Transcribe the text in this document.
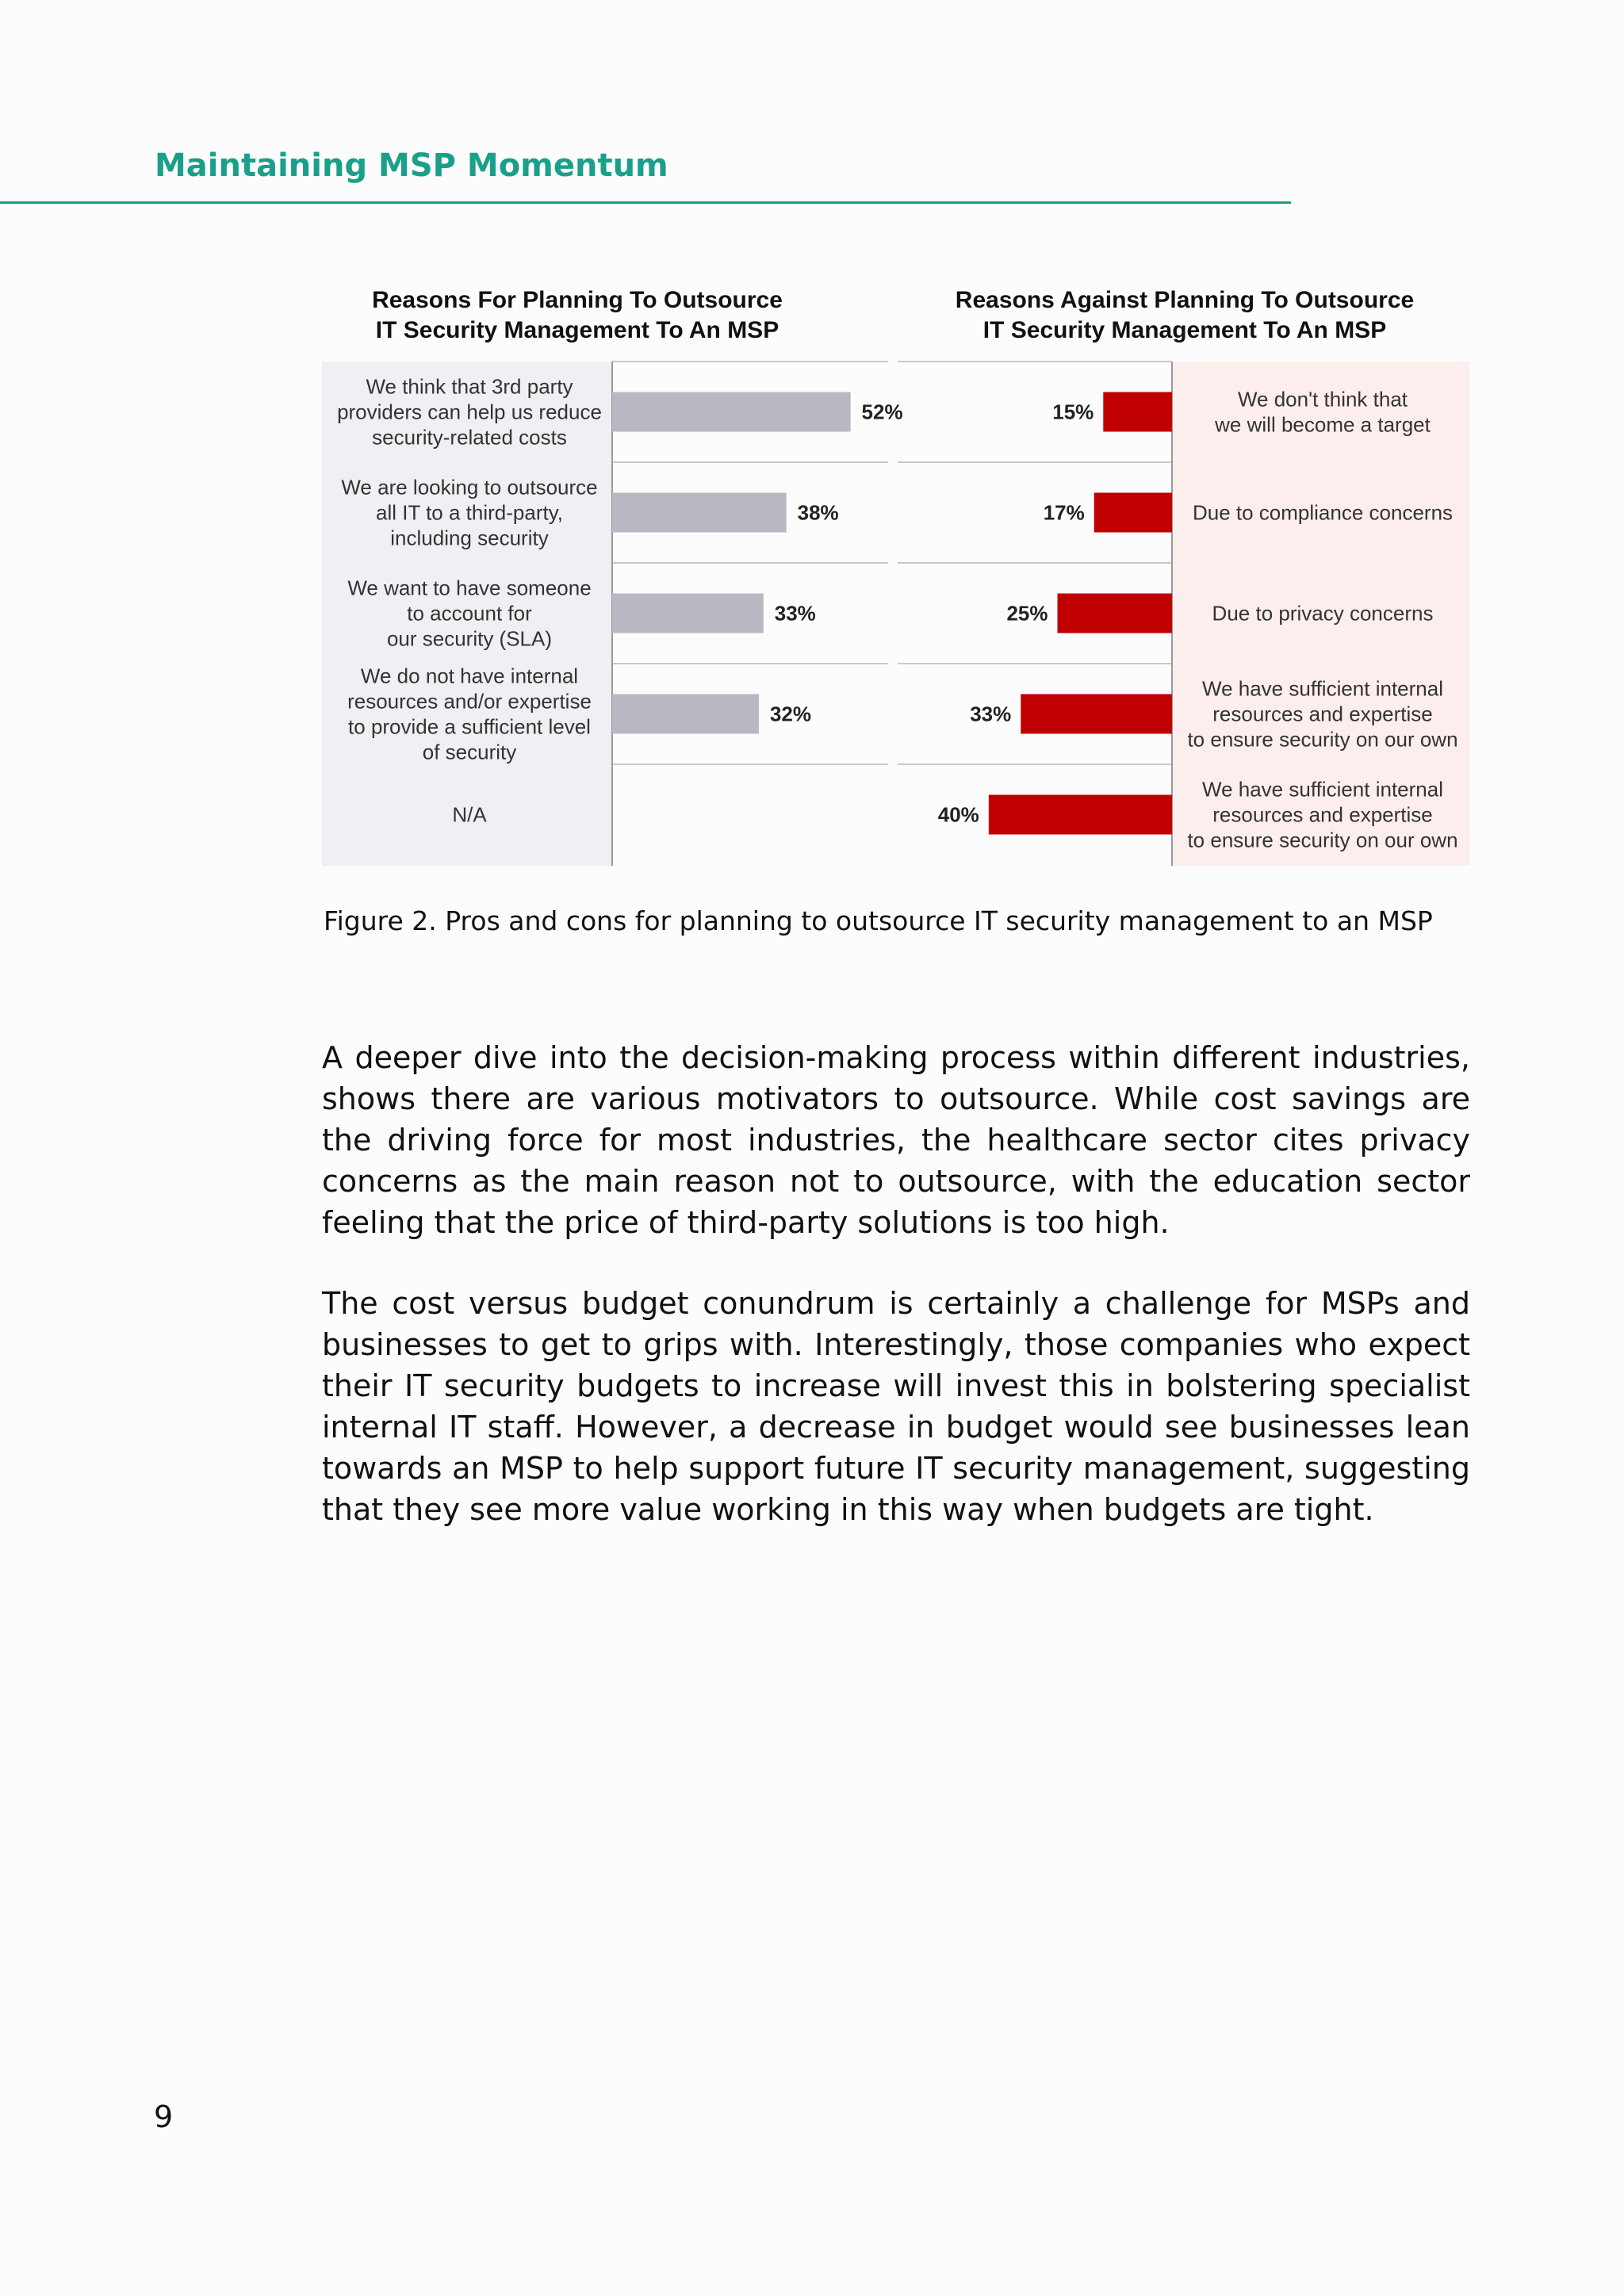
Maintaining MSP Momentum
Reasons For Planning To Outsource
IT Security Management To An MSP
Reasons Against Planning To Outsource
IT Security Management To An MSP
We think that 3rd party
providers can help us reduce
security-related costs
52%
We are looking to outsource
all IT to a third-party,
including security
38%
We want to have someone
to account for
our security (SLA)
33%
We do not have internal
resources and/or expertise
to provide a sufficient level
of security
32%
N/A
We don't think that
we will become a target
15%
Due to compliance concerns
17%
Due to privacy concerns
25%
We have sufficient internal
resources and expertise
to ensure security on our own
33%
We have sufficient internal
resources and expertise
to ensure security on our own
40%
Figure 2. Pros and cons for planning to outsource IT security management to an MSP

A deeper dive into the decision-making process within different industries, shows there are various motivators to outsource. While cost savings are the driving force for most industries, the healthcare sector cites privacy concerns as the main reason not to outsource, with the education sector feeling that the price of third-party solutions is too high.

The cost versus budget conundrum is certainly a challenge for MSPs and businesses to get to grips with. Interestingly, those companies who expect their IT security budgets to increase will invest this in bolstering specialist internal IT staff. However, a decrease in budget would see businesses lean towards an MSP to help support future IT security management, suggesting that they see more value working in this way when budgets are tight.

9
